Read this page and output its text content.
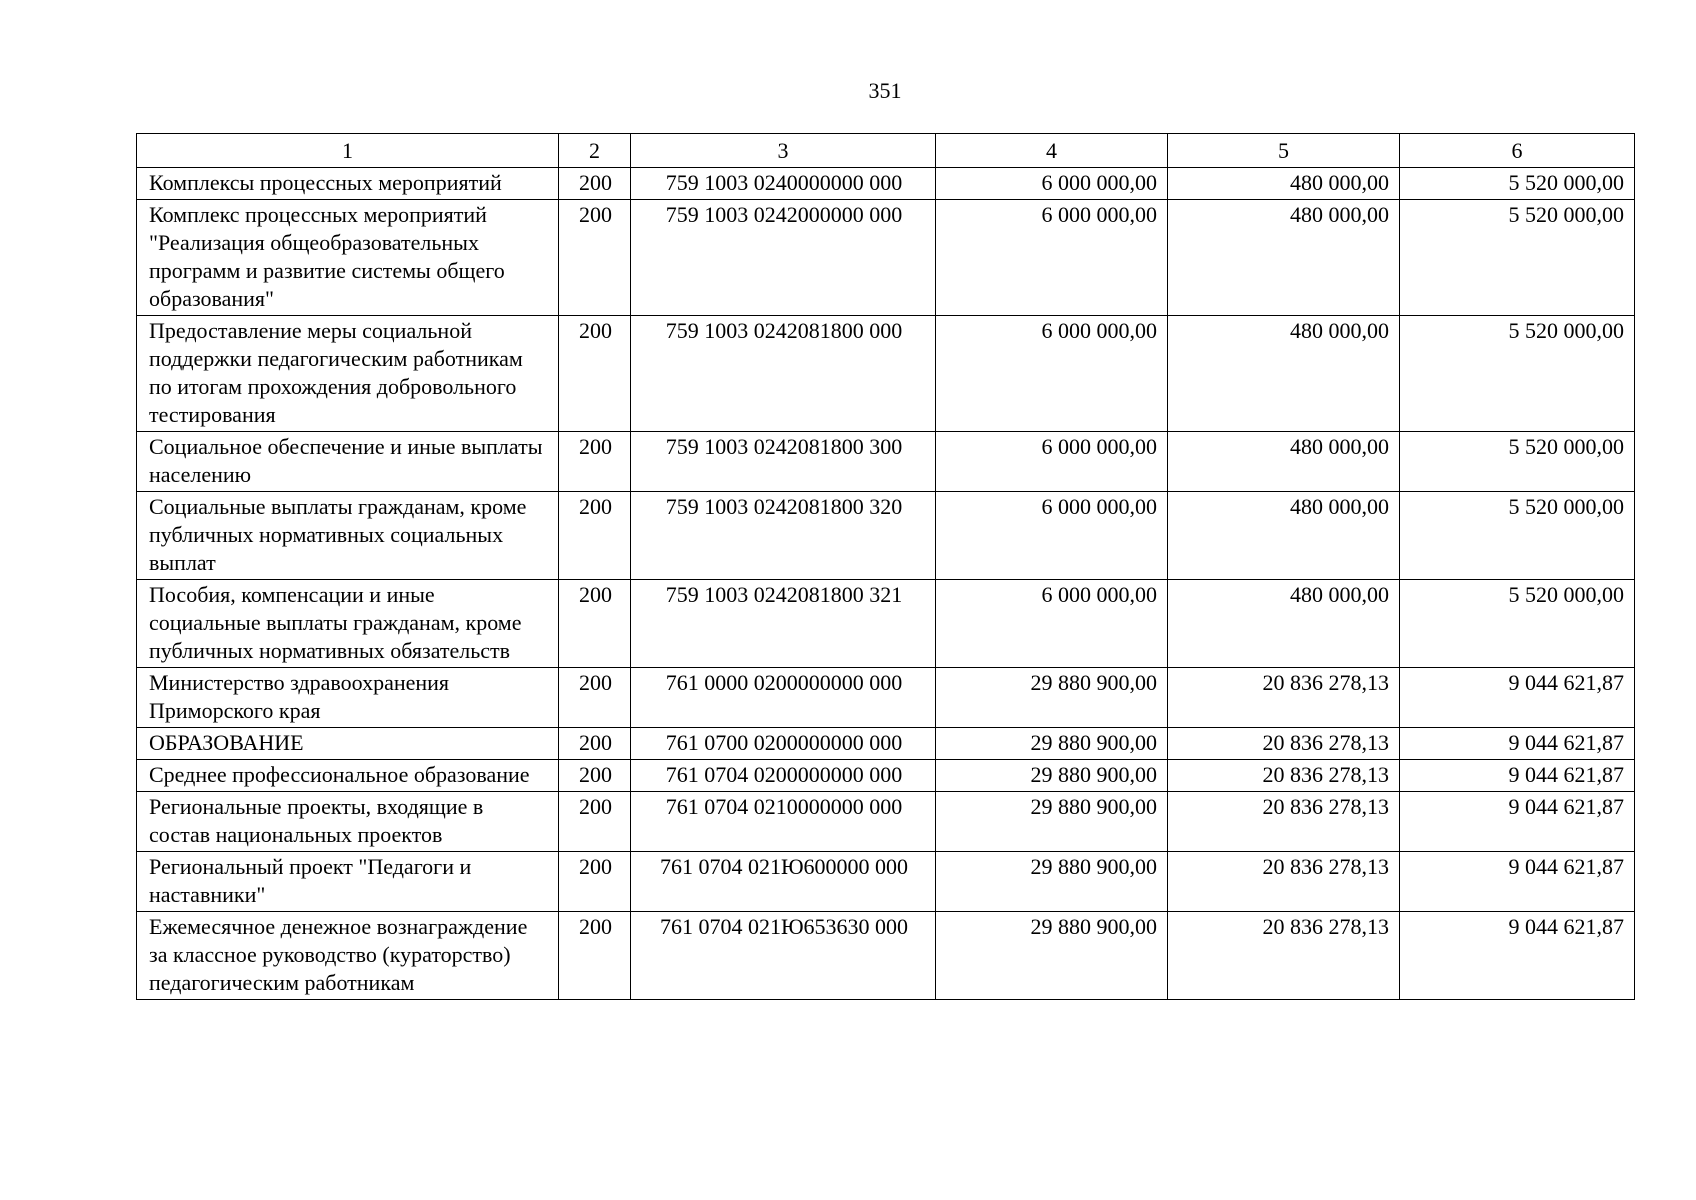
351
1	2	3	4	5	6
Комплексы процессных мероприятий	200	759 1003 0240000000 000	6 000 000,00	480 000,00	5 520 000,00
Комплекс процессных мероприятий "Реализация общеобразовательных программ и развитие системы общего образования"	200	759 1003 0242000000 000	6 000 000,00	480 000,00	5 520 000,00
Предоставление меры социальной поддержки педагогическим работникам по итогам прохождения добровольного тестирования	200	759 1003 0242081800 000	6 000 000,00	480 000,00	5 520 000,00
Социальное обеспечение и иные выплаты населению	200	759 1003 0242081800 300	6 000 000,00	480 000,00	5 520 000,00
Социальные выплаты гражданам, кроме публичных нормативных социальных выплат	200	759 1003 0242081800 320	6 000 000,00	480 000,00	5 520 000,00
Пособия, компенсации и иные социальные выплаты гражданам, кроме публичных нормативных обязательств	200	759 1003 0242081800 321	6 000 000,00	480 000,00	5 520 000,00
Министерство здравоохранения Приморского края	200	761 0000 0200000000 000	29 880 900,00	20 836 278,13	9 044 621,87
ОБРАЗОВАНИЕ	200	761 0700 0200000000 000	29 880 900,00	20 836 278,13	9 044 621,87
Среднее профессиональное образование	200	761 0704 0200000000 000	29 880 900,00	20 836 278,13	9 044 621,87
Региональные проекты, входящие в состав национальных проектов	200	761 0704 0210000000 000	29 880 900,00	20 836 278,13	9 044 621,87
Региональный проект "Педагоги и наставники"	200	761 0704 021Ю600000 000	29 880 900,00	20 836 278,13	9 044 621,87
Ежемесячное денежное вознаграждение за классное руководство (кураторство) педагогическим работникам	200	761 0704 021Ю653630 000	29 880 900,00	20 836 278,13	9 044 621,87
